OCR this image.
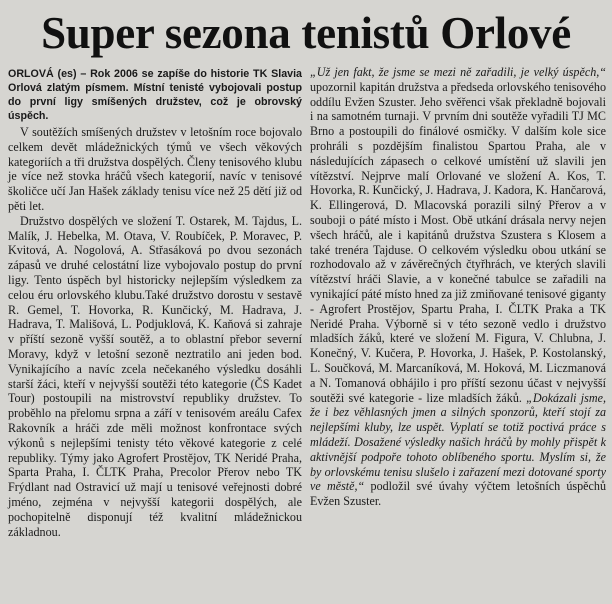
Super sezona tenistů Orlové

ORLOVÁ (es) – Rok 2006 se zapíše do historie TK Slavia Orlová zlatým písmem. Místní tenisté vybojovali postup do první ligy smíšených družstev, což je obrovský úspěch.

V soutěžích smíšených družstev v letošním roce bojovalo celkem devět mládežnických týmů ve všech věkových kategoriích a tři družstva dospělých. Členy tenisového klubu je více než stovka hráčů všech kategorií, navíc v tenisové školičce učí Jan Hašek základy tenisu více než 25 dětí již od pěti let.

Družstvo dospělých ve složení T. Ostarek, M. Tajdus, L. Malík, J. Hebelka, M. Otava, V. Roubíček, P. Moravec, P. Kvitová, A. Nogolová, A. Střasáková po dvou sezonách zápasů ve druhé celostátní lize vybojovalo postup do první ligy. Tento úspěch byl historicky nejlepším výsledkem za celou éru orlovského klubu.Také družstvo dorostu v sestavě R. Gemel, T. Hovorka, R. Kunčický, M. Hadrava, J. Hadrava, T. Mališová, L. Podjuklová, K. Kaňová si zahraje v příští sezoně vyšší soutěž, a to oblastní přebor severní Moravy, když v letošní sezoně neztratilo ani jeden bod. Vynikajícího a navíc zcela nečekaného výsledku dosáhli starší žáci, kteří v nejvyšší soutěži této kategorie (ČS Kadet Tour) postoupili na mistrovství republiky družstev. To proběhlo na přelomu srpna a září v tenisovém areálu Cafex Rakovník a hráči zde měli možnost konfrontace svých výkonů s nejlepšími tenisty této věkové kategorie z celé republiky. Týmy jako Agrofert Prostějov, TK Neridé Praha, Sparta Praha, I. ČLTK Praha, Precolor Přerov nebo TK Frýdlant nad Ostravicí už mají u tenisové veřejnosti dobré jméno, zejména v nejvyšší kategorii dospělých, ale pochopitelně disponují též kvalitní mládežnickou základnou.

„Už jen fakt, že jsme se mezi ně zařadili, je velký úspěch,“ upozornil kapitán družstva a předseda orlovského tenisového oddílu Evžen Szuster. Jeho svěřenci však překladně bojovali i na samotném turnaji. V prvním dni soutěže vyřadili TJ MC Brno a postoupili do finálové osmičky. V dalším kole sice prohráli s pozdějším finalistou Spartou Praha, ale v následujících zápasech o celkové umístění už slavili jen vítězství. Nejprve malí Orlované ve složení A. Kos, T. Hovorka, R. Kunčický, J. Hadrava, J. Kadora, K. Hančarová, K. Ellingerová, D. Mlacovská porazili silný Přerov a v souboji o páté místo i Most. Obě utkání drásala nervy nejen všech hráčů, ale i kapitánů družstva Szustera s Klosem a také trenéra Tajduse. O celkovém výsledku obou utkání se rozhodovalo až v závěrečných čtyřhrách, ve kterých slavili vítězství hráči Slavie, a v konečné tabulce se zařadili na vynikající páté místo hned za již zmiňované tenisové giganty - Agrofert Prostějov, Spartu Praha, I. ČLTK Praka a TK Neridé Praha. Výborně si v této sezoně vedlo i družstvo mladších žáků, které ve složení M. Figura, V. Chlubna, J. Konečný, V. Kučera, P. Hovorka, J. Hašek, P. Kostolanský, L. Součková, M. Marcaníková, M. Hoková, M. Liczmanová a N. Tomanová obhájilo i pro příští sezonu účast v nejvyšší soutěži své kategorie - lize mladších žáků. „Dokázali jsme, že i bez věhlasných jmen a silných sponzorů, kteří stojí za nejlepšími kluby, lze uspět. Vyplatí se totiž poctivá práce s mládeží. Dosažené výsledky našich hráčů by mohly přispět k aktivnější podpoře tohoto oblíbeného sportu. Myslím si, že by orlovskému tenisu slušelo i zařazení mezi dotované sporty ve městě,“ podložil své úvahy výčtem letošních úspěchů Evžen Szuster.
